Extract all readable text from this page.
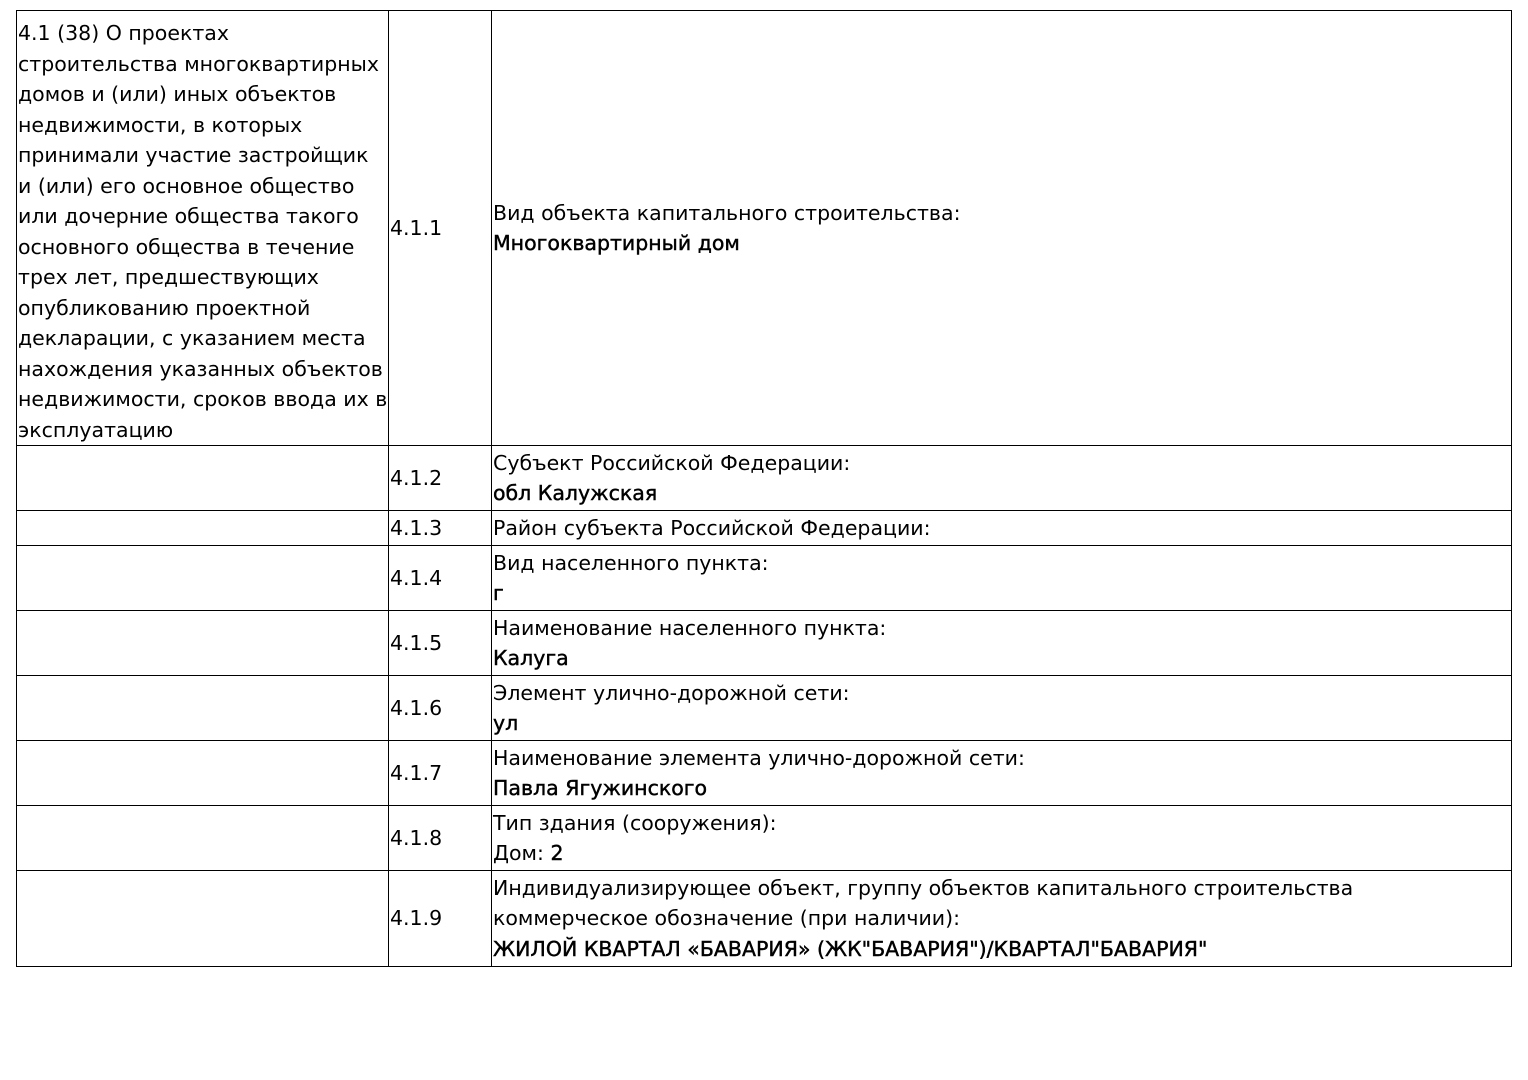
4.1 (38) О проектах строительства многоквартирных домов и (или) иных объектов недвижимости, в которых принимали участие застройщик и (или) его основное общество или дочерние общества такого основного общества в течение трех лет, предшествующих опубликованию проектной декларации, с указанием места нахождения указанных объектов недвижимости, сроков ввода их в эксплуатацию	4.1.1	Вид объекта капитального строительства:
Многоквартирный дом

	4.1.2	Субъект Российской Федерации:
обл Калужская

	4.1.3	Район субъекта Российской Федерации:

	4.1.4	Вид населенного пункта:
г

	4.1.5	Наименование населенного пункта:
Калуга

	4.1.6	Элемент улично-дорожной сети:
ул

	4.1.7	Наименование элемента улично-дорожной сети:
Павла Ягужинского

	4.1.8	Тип здания (сооружения):
Дом: 2
	4.1.9	Индивидуализирующее объект, группу объектов капитального строительства коммерческое обозначение (при наличии):
ЖИЛОЙ КВАРТАЛ «БАВАРИЯ» (ЖК"БАВАРИЯ")/КВАРТАЛ"БАВАРИЯ"
